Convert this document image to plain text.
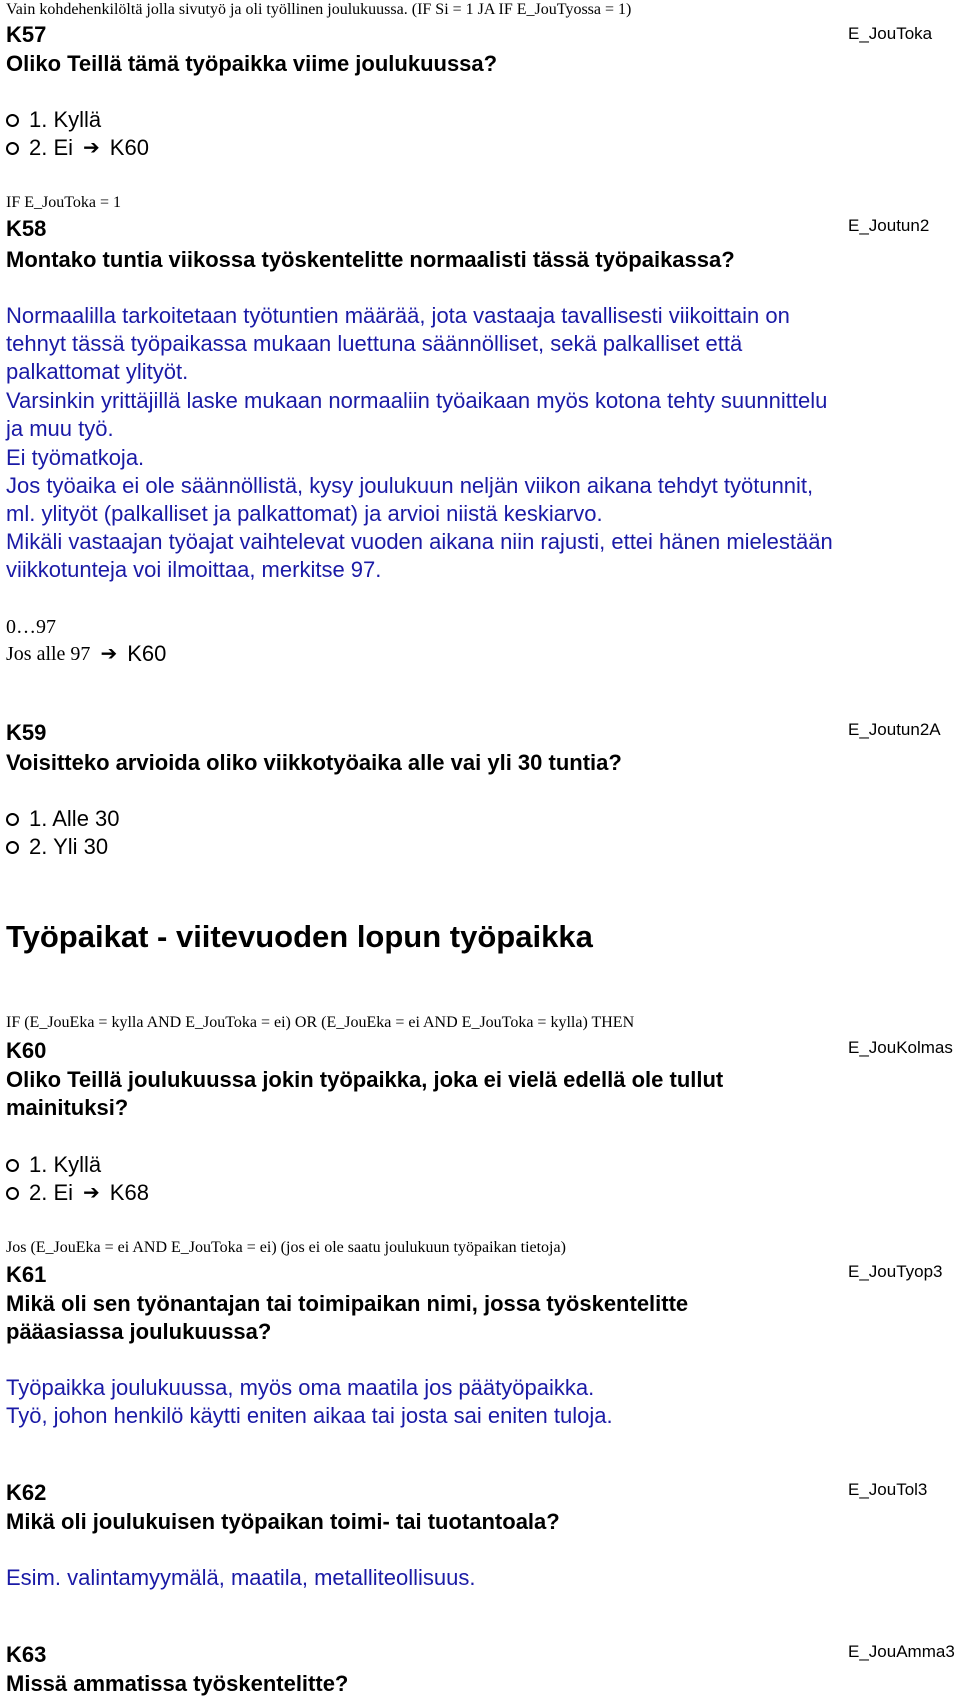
Vain kohdehenkilöltä jolla sivutyö ja oli työllinen joulukuussa. (IF Si = 1 JA IF E_JouTyossa = 1)
K57	E_JouToka
Oliko Teillä tämä työpaikka viime joulukuussa?
1. Kyllä
2. Ei ➔ K60
IF E_JouToka = 1
K58	E_Joutun2
Montako tuntia viikossa työskentelitte normaalisti tässä työpaikassa?
Normaalilla tarkoitetaan työtuntien määrää, jota vastaaja tavallisesti viikoittain on tehnyt tässä työpaikassa mukaan luettuna säännölliset, sekä palkalliset että palkattomat ylityöt.
Varsinkin yrittäjillä laske mukaan normaaliin työaikaan myös kotona tehty suunnittelu ja muu työ.
Ei työmatkoja.
Jos työaika ei ole säännöllistä, kysy joulukuun neljän viikon aikana tehdyt työtunnit, ml. ylityöt (palkalliset ja palkattomat) ja arvioi niistä keskiarvo.
Mikäli vastaajan työajat vaihtelevat vuoden aikana niin rajusti, ettei hänen mielestään viikkotunteja voi ilmoittaa, merkitse 97.
0…97
Jos alle 97 ➔ K60
K59	E_Joutun2A
Voisitteko arvioida oliko viikkotyöaika alle vai yli 30 tuntia?
1. Alle 30
2. Yli 30
Työpaikat - viitevuoden lopun työpaikka
IF (E_JouEka = kylla AND E_JouToka = ei) OR (E_JouEka = ei AND E_JouToka = kylla) THEN
K60	E_JouKolmas
Oliko Teillä joulukuussa jokin työpaikka, joka ei vielä edellä ole tullut mainituksi?
1. Kyllä
2. Ei ➔ K68
Jos (E_JouEka = ei AND E_JouToka = ei) (jos ei ole saatu joulukuun työpaikan tietoja)
K61	E_JouTyop3
Mikä oli sen työnantajan tai toimipaikan nimi, jossa työskentelitte pääasiassa joulukuussa?
Työpaikka joulukuussa, myös oma maatila jos päätyöpaikka.
Työ, johon henkilö käytti eniten aikaa tai josta sai eniten tuloja.
K62	E_JouTol3
Mikä oli joulukuisen työpaikan toimi- tai tuotantoala?
Esim. valintamyymälä, maatila, metalliteollisuus.
K63	E_JouAmma3
Missä ammatissa työskentelitte?
